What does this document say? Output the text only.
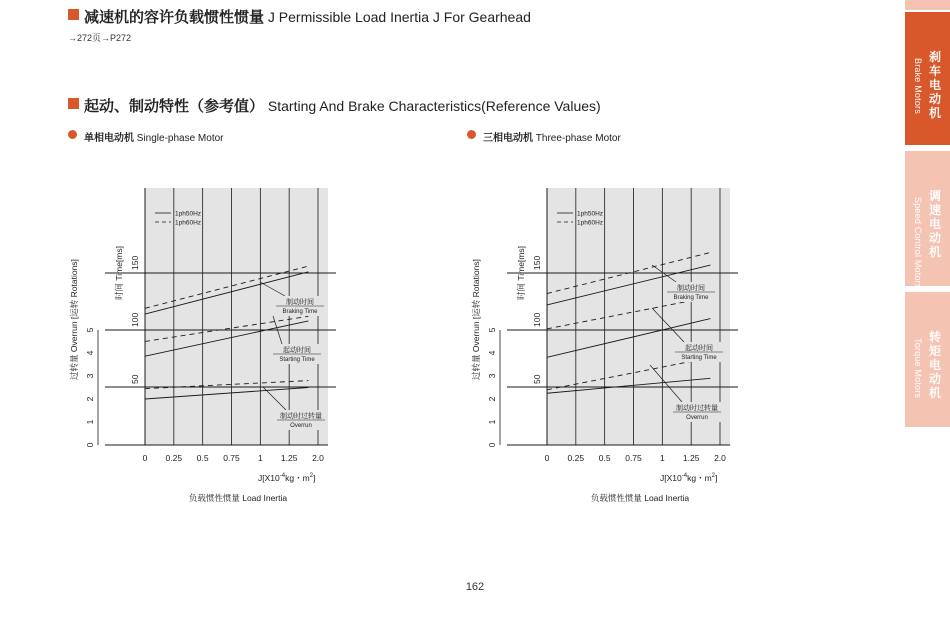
减速机的容许负载惯性惯量 J Permissible Load Inertia J For Gearhead
→272页→P272
起动、制动特性（参考值） Starting And Brake Characteristics(Reference Values)
单相电动机 Single-phase Motor	三相电动机 Three-phase Motor
0 0.25 0.5 0.75 1 1.25 2.0
50
100
150
0
1
2
3
4
5
过转量 Overrun [运转 Rotations]	时间 Time[ms]
$J[X10^{-4}kg$・$m^2$]
负载惯性惯量 Load Inertia
1ph50Hz
1ph60Hz
制动时间
Braking Time
起动时间
Starting Time
制动时过转量
Overrun
0 0.25 0.5 0.75 1 1.25 2.0
50
100
150
0
1
2
3
4
5
过转量 Overrun [运转 Rotations]	时间 Time[ms]
$J[X10^{-4}kg$・$m^2$]
负载惯性惯量 Load Inertia
1ph50Hz
1ph60Hz
制动时间
Braking Time
起动时间
Starting Time
制动时过转量
Overrun
162
刹车电动机
Brake Motors
调速电动机
Speed Control Motors
转矩电动机
Torque Motors
